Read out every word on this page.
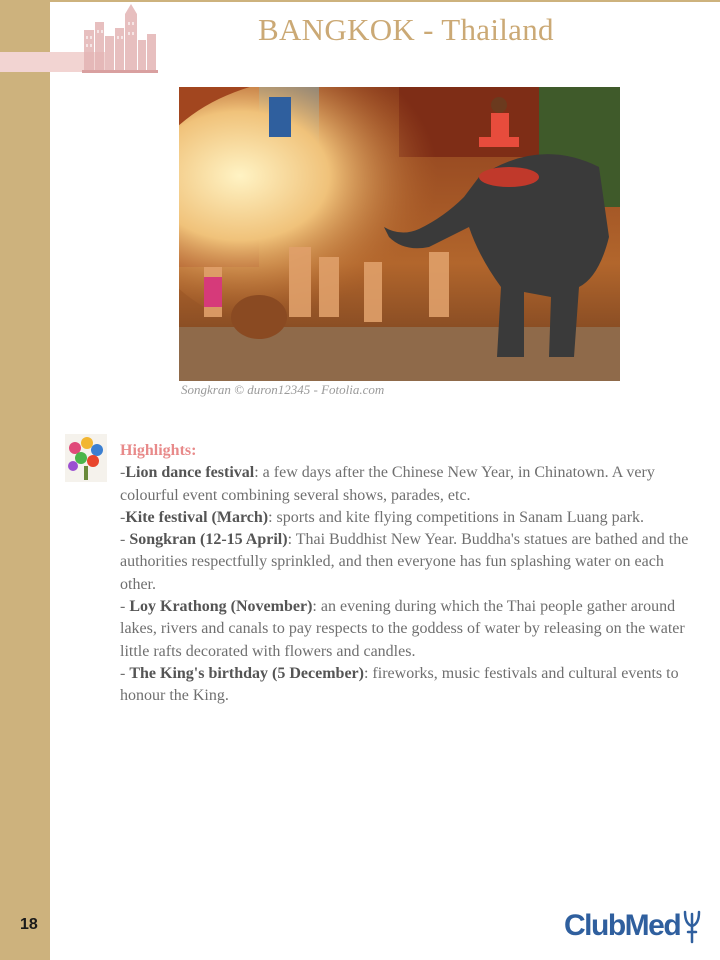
BANGKOK - Thailand
Songkran © duron12345 - Fotolia.com
Highlights:
-Lion dance festival: a few days after the Chinese New Year, in Chinatown. A very colourful event combining several shows, parades, etc.
-Kite festival (March): sports and kite flying competitions in Sanam Luang park.
- Songkran (12-15 April): Thai Buddhist New Year. Buddha's statues are bathed and the authorities respectfully sprinkled, and then everyone has fun splashing water on each other.
- Loy Krathong (November): an evening during which the Thai people gather around lakes, rivers and canals to pay respects to the goddess of water by releasing on the water little rafts decorated with flowers and candles.
- The King's birthday (5 December): fireworks, music festivals and cultural events to honour the King.
18	ClubMed
